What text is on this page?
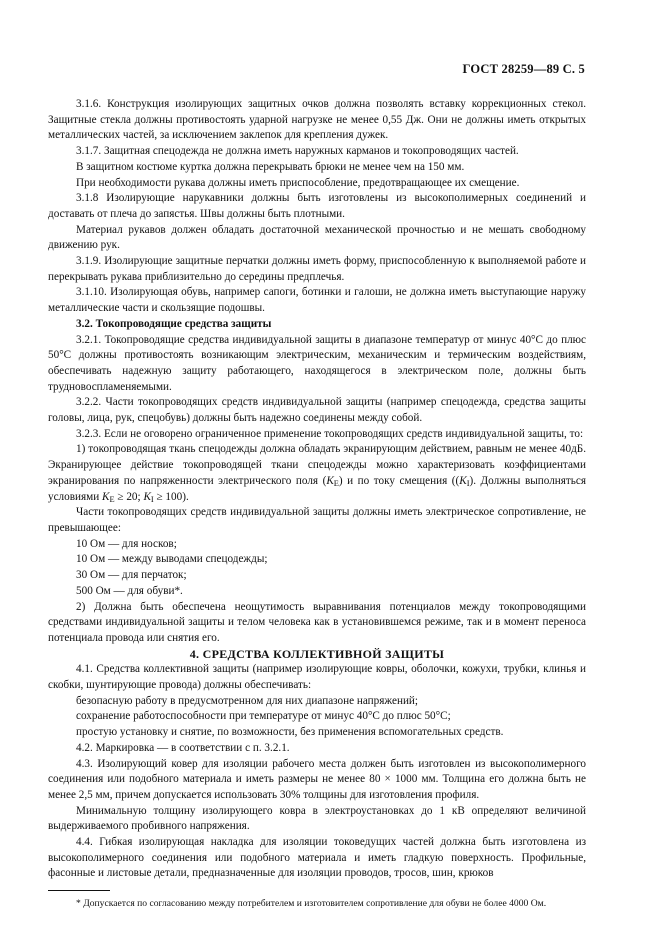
ГОСТ 28259—89 С. 5

3.1.6. Конструкция изолирующих защитных очков должна позволять вставку коррекционных стекол. Защитные стекла должны противостоять ударной нагрузке не менее 0,55 Дж. Они не должны иметь открытых металлических частей, за исключением заклепок для крепления дужек.

3.1.7. Защитная спецодежда не должна иметь наружных карманов и токопроводящих частей.

В защитном костюме куртка должна перекрывать брюки не менее чем на 150 мм.

При необходимости рукава должны иметь приспособление, предотвращающее их смещение.

3.1.8 Изолирующие нарукавники должны быть изготовлены из высокополимерных соединений и доставать от плеча до запястья. Швы должны быть плотными.

Материал рукавов должен обладать достаточной механической прочностью и не мешать свободному движению рук.

3.1.9. Изолирующие защитные перчатки должны иметь форму, приспособленную к выполняемой работе и перекрывать рукава приблизительно до середины предплечья.

3.1.10. Изолирующая обувь, например сапоги, ботинки и галоши, не должна иметь выступающие наружу металлические части и скользящие подошвы.

3.2. Токопроводящие средства защиты

3.2.1. Токопроводящие средства индивидуальной защиты в диапазоне температур от минус 40°С до плюс 50°С должны противостоять возникающим электрическим, механическим и термическим воздействиям, обеспечивать надежную защиту работающего, находящегося в электрическом поле, должны быть трудновоспламеняемыми.

3.2.2. Части токопроводящих средств индивидуальной защиты (например спецодежда, средства защиты головы, лица, рук, спецобувь) должны быть надежно соединены между собой.

3.2.3. Если не оговорено ограниченное применение токопроводящих средств индивидуальной защиты, то:

1) токопроводящая ткань спецодежды должна обладать экранирующим действием, равным не менее 40дБ. Экранирующее действие токопроводящей ткани спецодежды можно характеризовать коэффициентами экранирования по напряженности электрического поля $(K_E)$ и по току смещения ($(K_I)$. Должны выполняться условиями $K_E \ge 20$; $K_I \ge 100$).

Части токопроводящих средств индивидуальной защиты должны иметь электрическое сопротивление, не превышающее:

10 Ом — для носков;

10 Ом — между выводами спецодежды;

30 Ом — для перчаток;

500 Ом — для обуви*.

2) Должна быть обеспечена неощутимость выравнивания потенциалов между токопроводящими средствами индивидуальной защиты и телом человека как в установившемся режиме, так и в момент переноса потенциала провода или снятия его.

4. СРЕДСТВА КОЛЛЕКТИВНОЙ ЗАЩИТЫ

4.1. Средства коллективной защиты (например изолирующие ковры, оболочки, кожухи, трубки, клинья и скобки, шунтирующие провода) должны обеспечивать:

безопасную работу в предусмотренном для них диапазоне напряжений;

сохранение работоспособности при температуре от минус 40°С до плюс 50°С;

простую установку и снятие, по возможности, без применения вспомогательных средств.

4.2. Маркировка — в соответствии с п. 3.2.1.

4.3. Изолирующий ковер для изоляции рабочего места должен быть изготовлен из высокополимерного соединения или подобного материала и иметь размеры не менее 80 × 1000 мм. Толщина его должна быть не менее 2,5 мм, причем допускается использовать 30% толщины для изготовления профиля.

Минимальную толщину изолирующего ковра в электроустановках до 1 кВ определяют величиной выдерживаемого пробивного напряжения.

4.4. Гибкая изолирующая накладка для изоляции токоведущих частей должна быть изготовлена из высокополимерного соединения или подобного материала и иметь гладкую поверхность. Профильные, фасонные и листовые детали, предназначенные для изоляции проводов, тросов, шин, крюков

* Допускается по согласованию между потребителем и изготовителем сопротивление для обуви не более 4000 Ом.
